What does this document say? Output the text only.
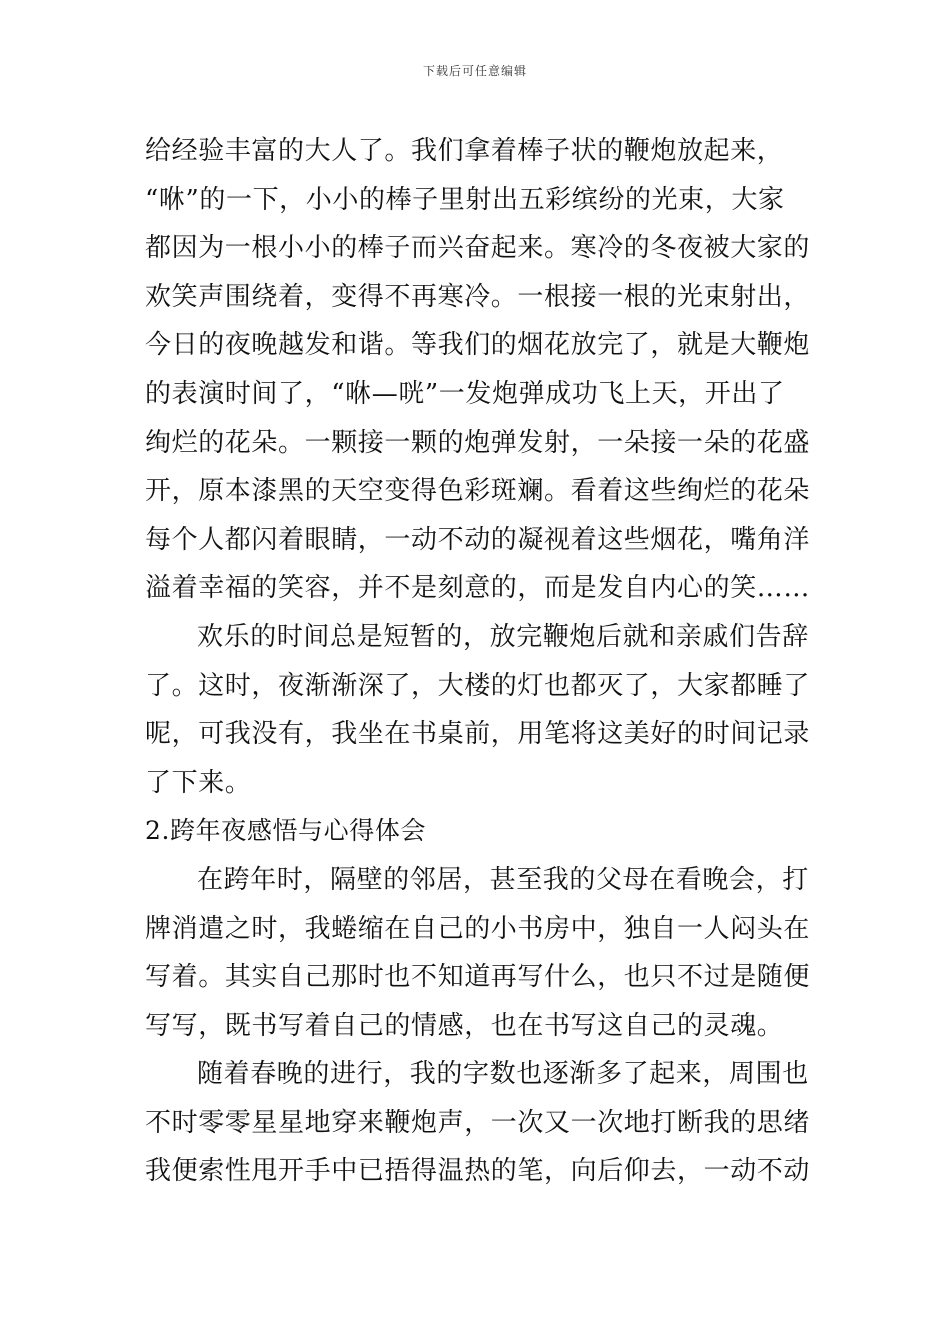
下载后可任意编辑
给经验丰富的大人了。我们拿着棒子状的鞭炮放起来，
“咻”的一下，小小的棒子里射出五彩缤纷的光束，大家
都因为一根小小的棒子而兴奋起来。寒冷的冬夜被大家的
欢笑声围绕着，变得不再寒冷。一根接一根的光束射出，
今日的夜晚越发和谐。等我们的烟花放完了，就是大鞭炮
的表演时间了，“咻—咣”一发炮弹成功飞上天，开出了
绚烂的花朵。一颗接一颗的炮弹发射，一朵接一朵的花盛
开，原本漆黑的天空变得色彩斑斓。看着这些绚烂的花朵
每个人都闪着眼睛，一动不动的凝视着这些烟花，嘴角洋
溢着幸福的笑容，并不是刻意的，而是发自内心的笑……
欢乐的时间总是短暂的，放完鞭炮后就和亲戚们告辞
了。这时，夜渐渐深了，大楼的灯也都灭了，大家都睡了
呢，可我没有，我坐在书桌前，用笔将这美好的时间记录
了下来。
2.跨年夜感悟与心得体会
在跨年时，隔壁的邻居，甚至我的父母在看晚会，打
牌消遣之时，我蜷缩在自己的小书房中，独自一人闷头在
写着。其实自己那时也不知道再写什么，也只不过是随便
写写，既书写着自己的情感，也在书写这自己的灵魂。
随着春晚的进行，我的字数也逐渐多了起来，周围也
不时零零星星地穿来鞭炮声，一次又一次地打断我的思绪
我便索性甩开手中已捂得温热的笔，向后仰去，一动不动
